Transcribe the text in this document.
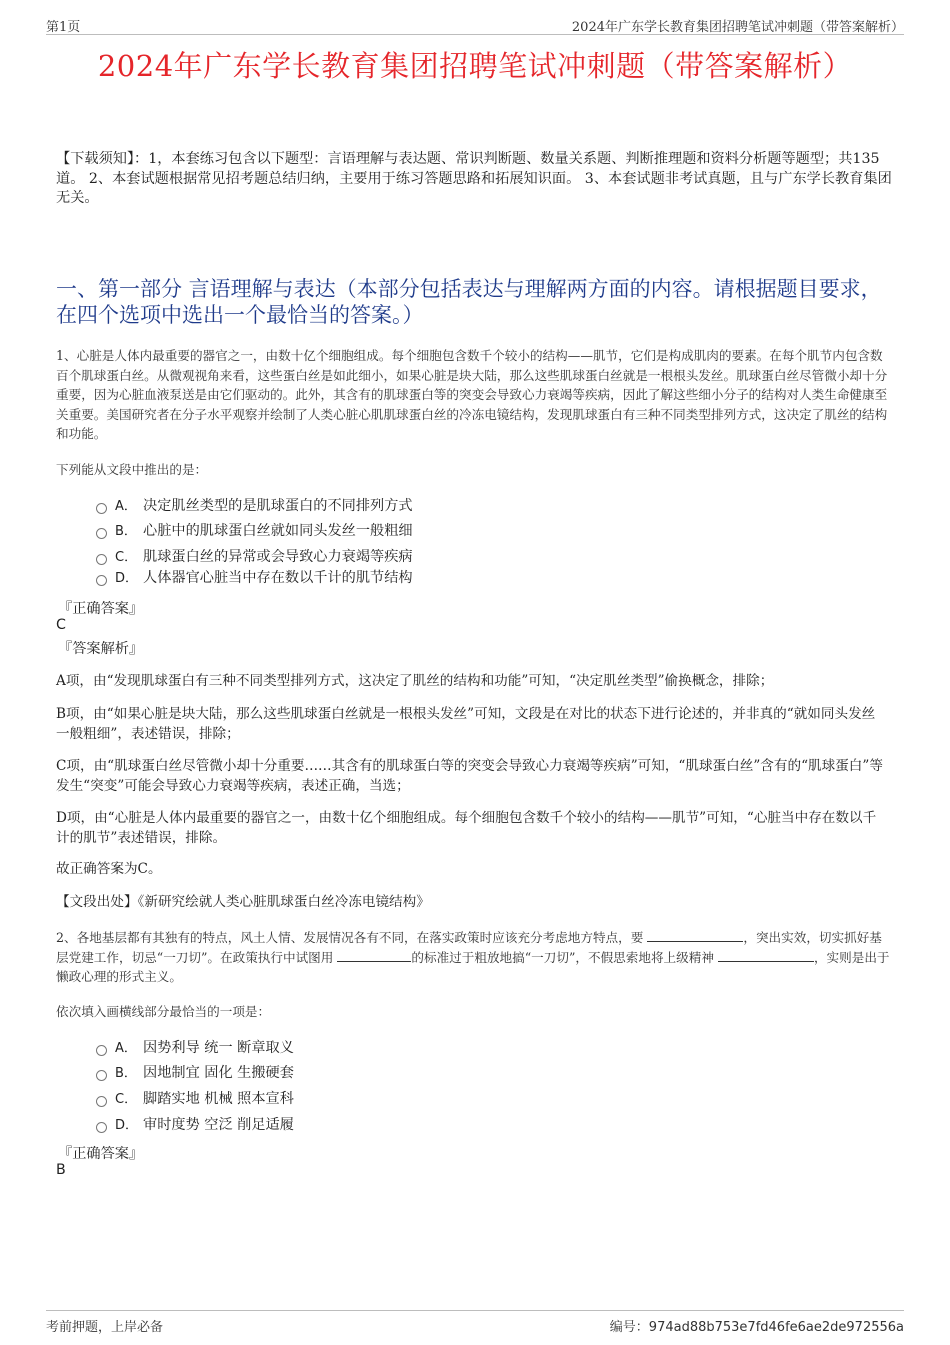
第1页	2024年广东学长教育集团招聘笔试冲刺题（带答案解析）
2024年广东学长教育集团招聘笔试冲刺题（带答案解析）
【下载须知】：1，本套练习包含以下题型：言语理解与表达题、常识判断题、数量关系题、判断推理题和资料分析题等题型；共135道。 2、本套试题根据常见招考题总结归纳，主要用于练习答题思路和拓展知识面。 3、本套试题非考试真题，且与广东学长教育集团无关。
一、第一部分 言语理解与表达（本部分包括表达与理解两方面的内容。请根据题目要求，在四个选项中选出一个最恰当的答案。）
1、心脏是人体内最重要的器官之一，由数十亿个细胞组成。每个细胞包含数千个较小的结构——肌节，它们是构成肌肉的要素。在每个肌节内包含数百个肌球蛋白丝。从微观视角来看，这些蛋白丝是如此细小，如果心脏是块大陆，那么这些肌球蛋白丝就是一根根头发丝。肌球蛋白丝尽管微小却十分重要，因为心脏血液泵送是由它们驱动的。此外，其含有的肌球蛋白等的突变会导致心力衰竭等疾病，因此了解这些细小分子的结构对人类生命健康至关重要。美国研究者在分子水平观察并绘制了人类心脏心肌肌球蛋白丝的冷冻电镜结构，发现肌球蛋白有三种不同类型排列方式，这决定了肌丝的结构和功能。
下列能从文段中推出的是：
A． 决定肌丝类型的是肌球蛋白的不同排列方式
B． 心脏中的肌球蛋白丝就如同头发丝一般粗细
C． 肌球蛋白丝的异常或会导致心力衰竭等疾病
D． 人体器官心脏当中存在数以千计的肌节结构
『正确答案』
C
『答案解析』
A项，由“发现肌球蛋白有三种不同类型排列方式，这决定了肌丝的结构和功能”可知，“决定肌丝类型”偷换概念，排除；
B项，由“如果心脏是块大陆，那么这些肌球蛋白丝就是一根根头发丝”可知，文段是在对比的状态下进行论述的，并非真的“就如同头发丝一般粗细”，表述错误，排除；
C项，由“肌球蛋白丝尽管微小却十分重要……其含有的肌球蛋白等的突变会导致心力衰竭等疾病”可知，“肌球蛋白丝”含有的“肌球蛋白”等发生“突变”可能会导致心力衰竭等疾病，表述正确，当选；
D项，由“心脏是人体内最重要的器官之一，由数十亿个细胞组成。每个细胞包含数千个较小的结构——肌节”可知，“心脏当中存在数以千计的肌节”表述错误，排除。
故正确答案为C。
【文段出处】《新研究绘就人类心脏肌球蛋白丝冷冻电镜结构》
2、各地基层都有其独有的特点，风土人情、发展情况各有不同，在落实政策时应该充分考虑地方特点，要	，突出实效，切实抓好基层党建工作，切忌“一刀切”。在政策执行中试图用	的标准过于粗放地搞“一刀切”，不假思索地将上级精神	，实则是出于懒政心理的形式主义。
依次填入画横线部分最恰当的一项是：
A． 因势利导 统一 断章取义
B． 因地制宜 固化 生搬硬套
C． 脚踏实地 机械 照本宣科
D． 审时度势 空泛 削足适履
『正确答案』
B
考前押题，上岸必备	编号：974ad88b753e7fd46fe6ae2de972556a
